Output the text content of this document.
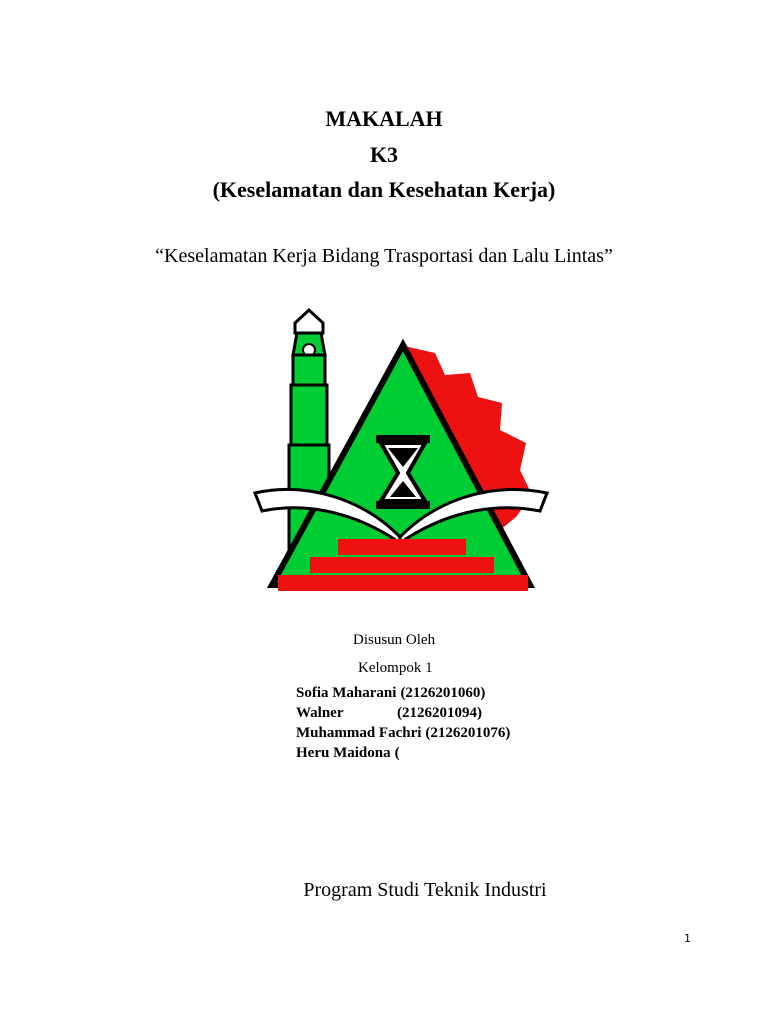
MAKALAH
K3
(Keselamatan dan Kesehatan Kerja)
“Keselamatan Kerja Bidang Trasportasi dan Lalu Lintas”
Disusun Oleh
Kelompok 1
Sofia Maharani (2126201060)
Walner	(2126201094)
Muhammad Fachri (2126201076)
Heru Maidona (
Program Studi Teknik Industri
1
